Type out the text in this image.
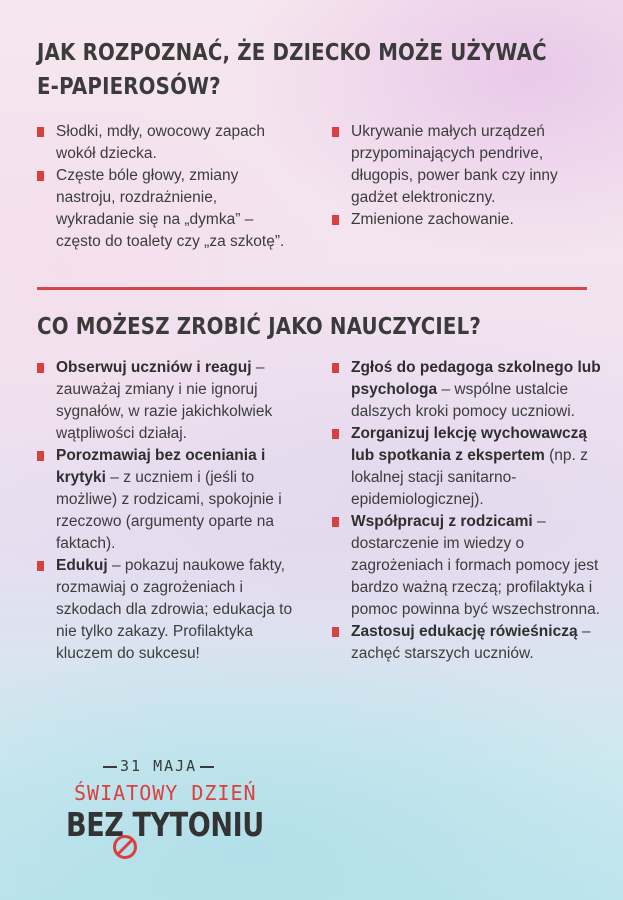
JAK ROZPOZNAĆ, ŻE DZIECKO MOŻE UŻYWAĆ E-PAPIEROSÓW?
Słodki, mdły, owocowy zapach wokół dziecka.
Częste bóle głowy, zmiany nastroju, rozdrażnienie, wykradanie się na „dymka” – często do toalety czy „za szkotę”.
Ukrywanie małych urządzeń przypominających pendrive, długopis, power bank czy inny gadżet elektroniczny.
Zmienione zachowanie.
CO MOŻESZ ZROBIĆ JAKO NAUCZYCIEL?
Obserwuj uczniów i reaguj – zauważaj zmiany i nie ignoruj sygnałów, w razie jakichkolwiek wątpliwości działaj.
Porozmawiaj bez oceniania i krytyki – z uczniem i (jeśli to możliwe) z rodzicami, spokojnie i rzeczowo (argumenty oparte na faktach).
Edukuj – pokazuj naukowe fakty, rozmawiaj o zagrożeniach i szkodach dla zdrowia; edukacja to nie tylko zakazy. Profilaktyka kluczem do sukcesu!
Zgłoś do pedagoga szkolnego lub psychologa – wspólne ustalcie dalszych kroki pomocy uczniowi.
Zorganizuj lekcję wychowawczą lub spotkania z ekspertem (np. z lokalnej stacji sanitarno-epidemiologicznej).
Współpracuj z rodzicami – dostarczenie im wiedzy o zagrożeniach i formach pomocy jest bardzo ważną rzeczą; profilaktyka i pomoc powinna być wszechstronna.
Zastosuj edukację rówieśniczą – zachęć starszych uczniów.
31 MAJA
ŚWIATOWY DZIEŃ
BEZ TYTONIU
